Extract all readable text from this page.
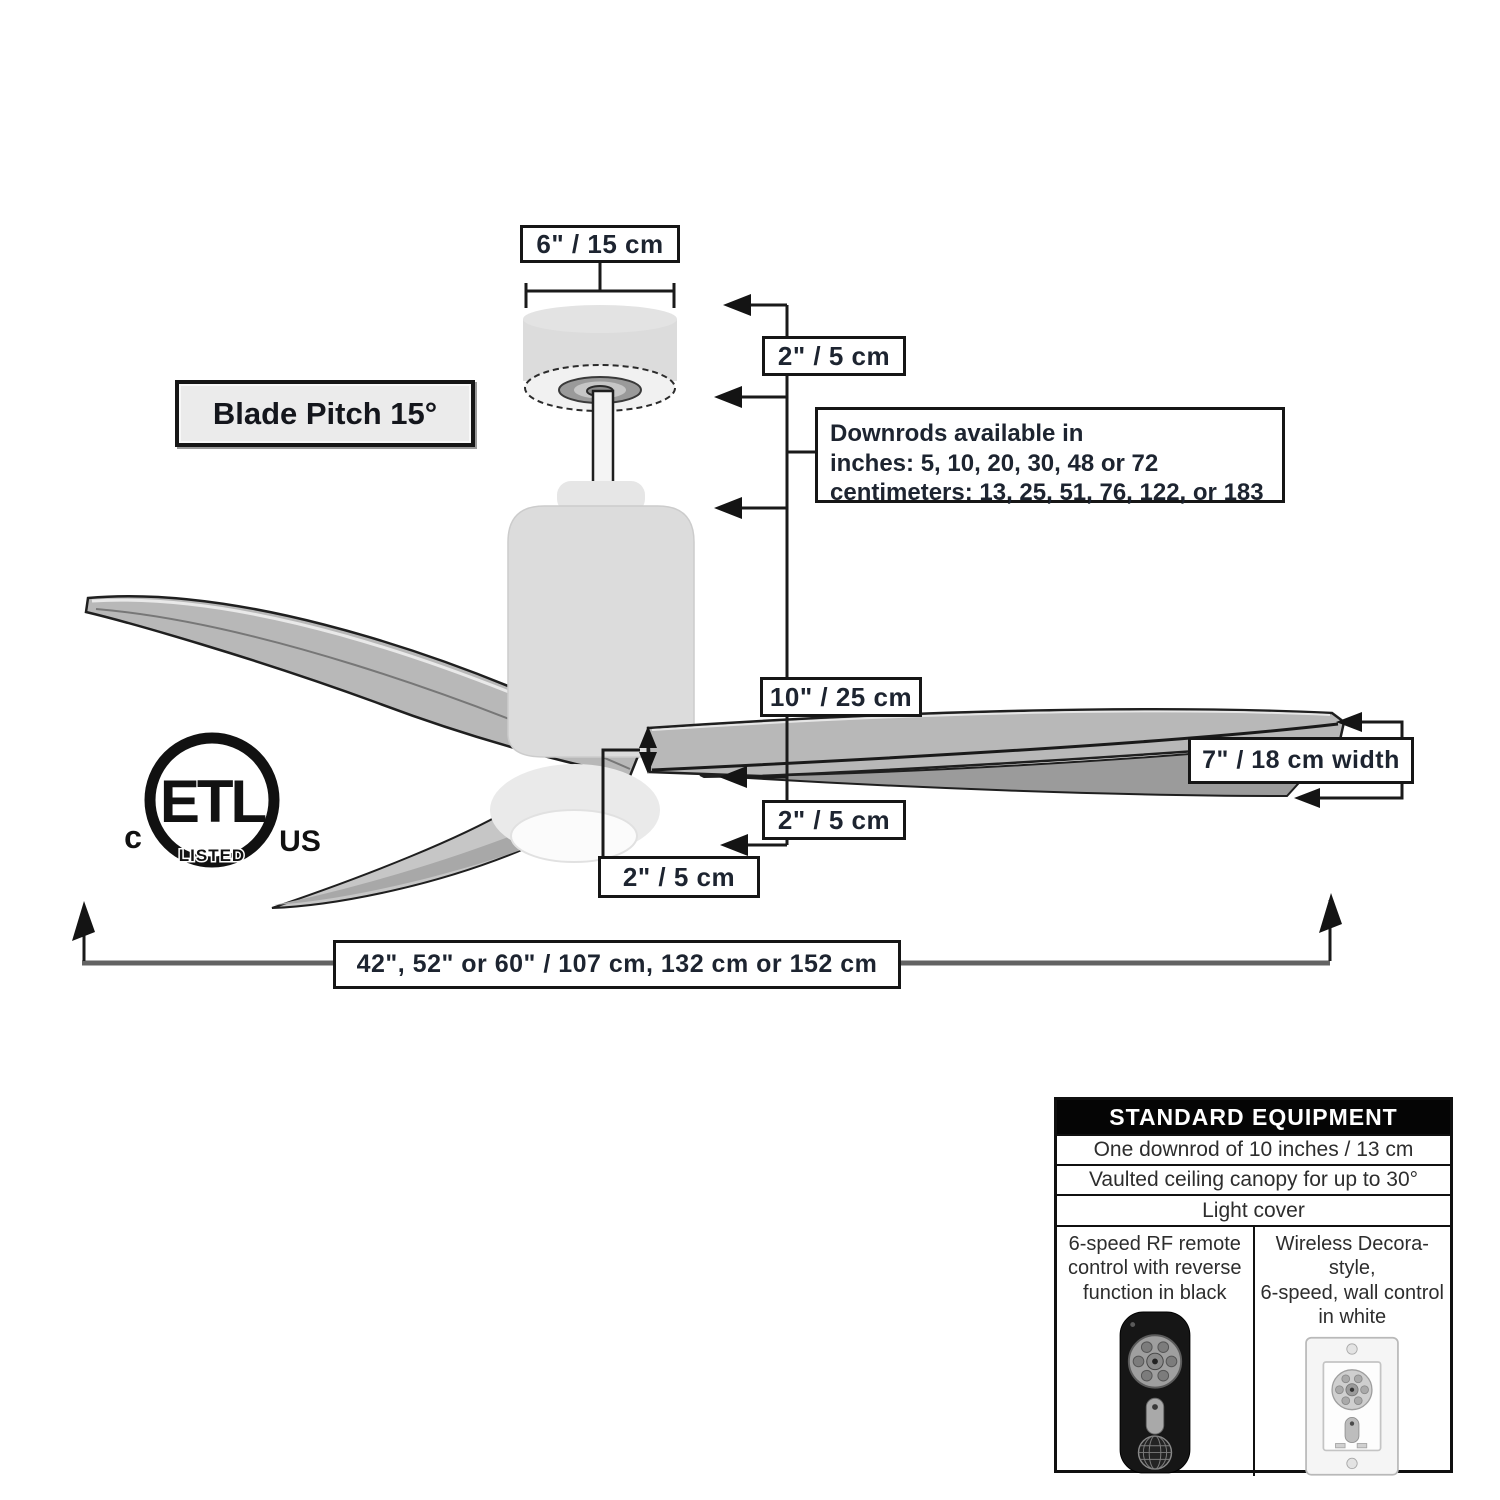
ETL
LISTED
c	US
6" / 15 cm
2" / 5 cm
Blade Pitch 15°
Downrods available in
inches: 5, 10, 20, 30, 48 or 72
centimeters: 13, 25, 51, 76, 122, or 183
10" / 25 cm
2" / 5 cm
2" / 5 cm
7" / 18 cm width
42", 52" or 60" / 107 cm, 132 cm or 152 cm
STANDARD EQUIPMENT
One downrod of 10 inches / 13 cm
Vaulted ceiling canopy for up to 30°
Light cover
6-speed RF remote
control with reverse
function in black
Wireless Decora-style,
6-speed, wall control
in white
